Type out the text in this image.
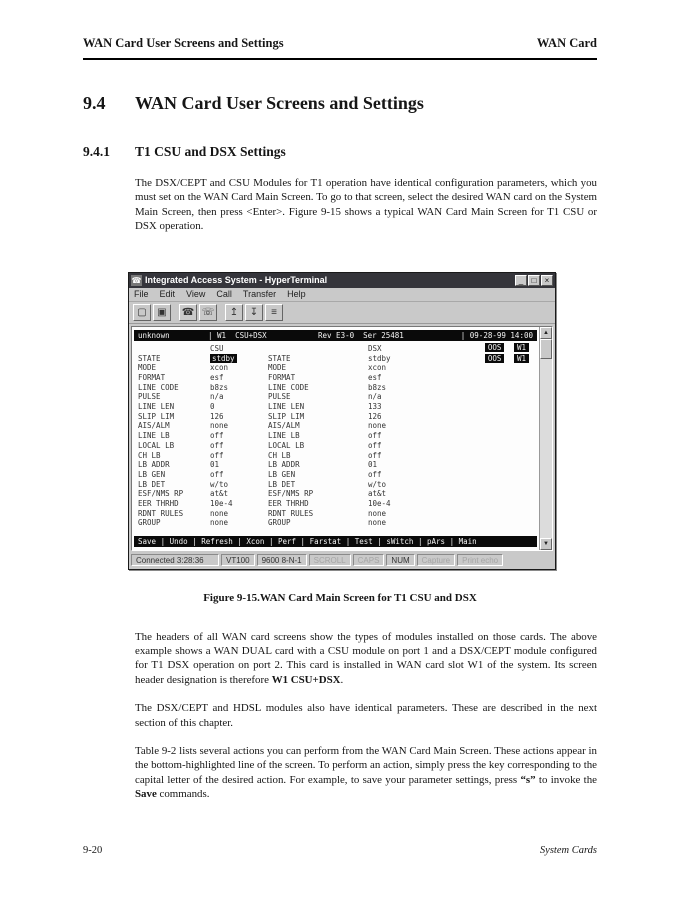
WAN Card User Screens and Settings	WAN Card
9.4	WAN Card User Screens and Settings
9.4.1	T1 CSU and DSX Settings

The DSX/CEPT and CSU Modules for T1 operation have identical configuration parameters, which you must set on the WAN Card Main Screen. To go to that screen, select the desired WAN card on the System Main Screen, then press <Enter>. Figure 9-15 shows a typical WAN Card Main Screen for T1 CSU or DSX operation.

☎ Integrated Access System - HyperTerminal	_	□	×
File Edit View Call Transfer Help
▢	▣	☎ ☏	↥	↧	≡
unknown	| W1  CSU+DSX	Rev E3-0  Ser 25481	| 09-28-99 14:00
CSU	DSX	OOS W1
OOS W1
STATE	stdby	STATE	stdby
MODE	xcon	MODE	xcon
FORMAT	esf	FORMAT	esf
LINE CODE	b8zs	LINE CODE	b8zs
PULSE	n/a	PULSE	n/a
LINE LEN	0	LINE LEN	133
SLIP LIM	126	SLIP LIM	126
AIS/ALM	none	AIS/ALM	none
LINE LB	off	LINE LB	off
LOCAL LB	off	LOCAL LB	off
CH LB	off	CH LB	off
LB ADDR	01	LB ADDR	01
LB GEN	off	LB GEN	off
LB DET	w/to	LB DET	w/to
ESF/NMS RP	at&t	ESF/NMS RP	at&t
EER THRHD	10e-4	EER THRHD	10e-4
RDNT RULES	none	RDNT RULES	none
GROUP	none	GROUP	none
Save	| Undo	| Refresh	| Xcon	| Perf	| Farstat	| Test	| sWitch	| pArs	| Main
▲
▼
Connected 3:28:36	VT100	9600 8-N-1	SCROLL	CAPS	NUM	Capture	Print echo
Figure 9-15.WAN Card Main Screen for T1 CSU and DSX

The headers of all WAN card screens show the types of modules installed on those cards. The above example shows a WAN DUAL card with a CSU module on port 1 and a DSX/CEPT module configured for T1 DSX operation on port 2. This card is installed in WAN card slot W1 of the system. Its screen header designation is therefore W1 CSU+DSX.

The DSX/CEPT and HDSL modules also have identical parameters. These are described in the next section of this chapter.

Table 9-2 lists several actions you can perform from the WAN Card Main Screen. These actions appear in the bottom-highlighted line of the screen. To perform an action, simply press the key corresponding to the capital letter of the desired action. For example, to save your parameter settings, press “s” to invoke the Save commands.

9-20	System Cards
